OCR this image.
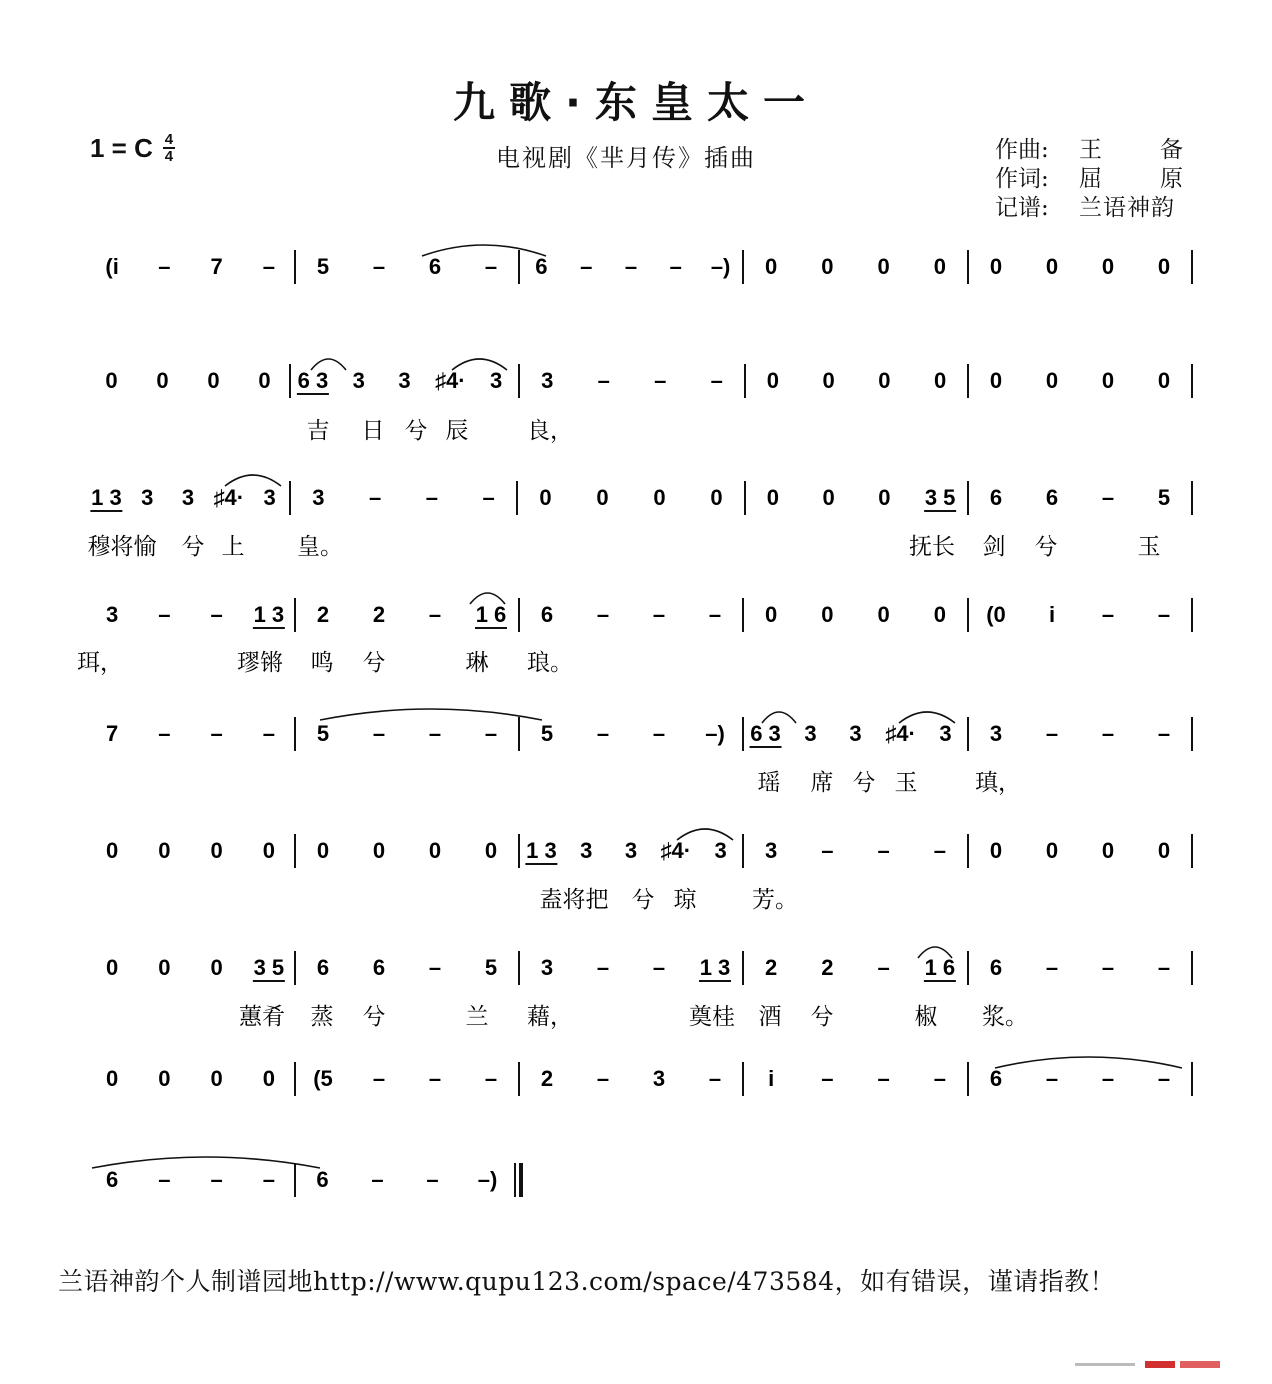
九歌·东皇太一
电视剧《芈月传》插曲
1 = C 4
4	作曲:	王备
作词:	屈原
记谱:	兰语神韵
(i – 7 – 5 – 6 – 6 – – – –) 0 0 0 0 0 0 0 0
0 0 0 0 6 3 3 3 ♯4· 3 3 – – – 0 0 0 0 0 0 0 0
吉 日 兮 辰	良，
1 3 3 3 ♯4· 3 3 – – – 0 0 0 0 0 0 0 3 5 6 6 – 5
穆将愉 兮 上 皇。	抚长 剑 兮	玉
3 – – 1 3 2 2 – 1 6 6 – – – 0 0 0 0 (0 i – –
珥，	璆锵 鸣 兮	琳 琅。
7 – – – 5 – – – 5 – – –) 6 3 3 3 ♯4· 3 3 – – –
瑶 席 兮 玉	瑱，
0 0 0 0 0 0 0 0 1 3 3 3 ♯4· 3 3 – – – 0 0 0 0
盍将把 兮 琼 芳。
0 0 0 3 5 6 6 – 5 3 – – 1 3 2 2 – 1 6 6 – – –
蕙肴 蒸 兮	兰 藉，	奠桂 酒 兮	椒 浆。
0 0 0 0 (5 – – – 2 – 3 – i – – – 6 – – –
6 – – – 6 – – –)
兰语神韵个人制谱园地http://www.qupu123.com/space/473584，如有错误，谨请指教！
